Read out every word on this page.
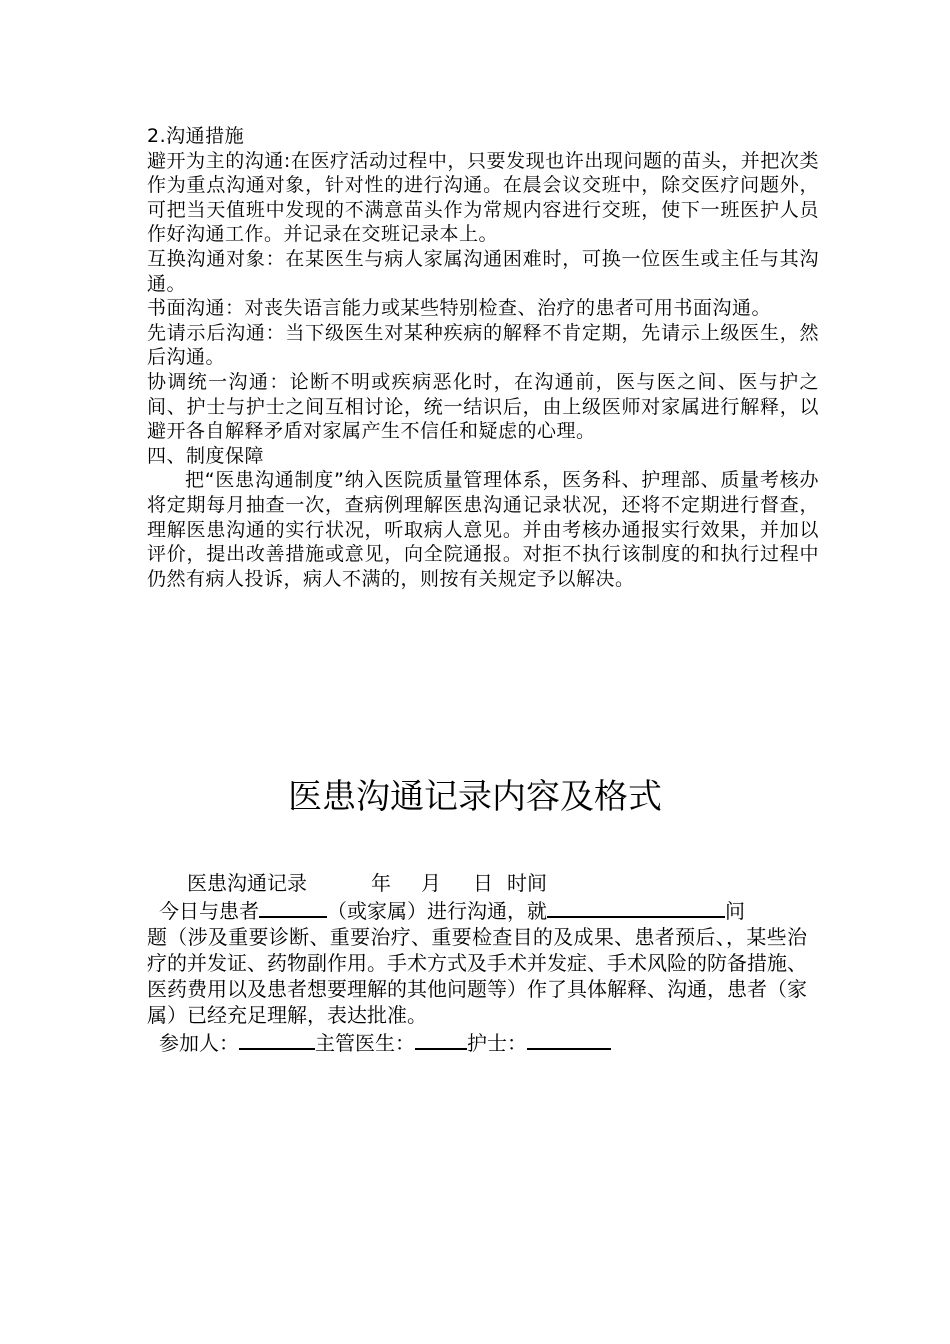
2.沟通措施

避开为主的沟通:在医疗活动过程中，只要发现也许出现问题的苗头，并把次类作为重点沟通对象，针对性的进行沟通。在晨会议交班中，除交医疗问题外，可把当天值班中发现的不满意苗头作为常规内容进行交班，使下一班医护人员作好沟通工作。并记录在交班记录本上。

互换沟通对象：在某医生与病人家属沟通困难时，可换一位医生或主任与其沟通。

书面沟通：对丧失语言能力或某些特别检查、治疗的患者可用书面沟通。

先请示后沟通：当下级医生对某种疾病的解释不肯定期，先请示上级医生，然后沟通。

协调统一沟通：论断不明或疾病恶化时，在沟通前，医与医之间、医与护之间、护士与护士之间互相讨论，统一结识后，由上级医师对家属进行解释，以避开各自解释矛盾对家属产生不信任和疑虑的心理。

四、制度保障

把“医患沟通制度”纳入医院质量管理体系，医务科、护理部、质量考核办将定期每月抽查一次，查病例理解医患沟通记录状况，还将不定期进行督查，理解医患沟通的实行状况，听取病人意见。并由考核办通报实行效果，并加以评价，提出改善措施或意见，向全院通报。对拒不执行该制度的和执行过程中仍然有病人投诉，病人不满的，则按有关规定予以解决。

医患沟通记录内容及格式

医患沟通记录	年 月 日 时间

今日与患者	（或家属）进行沟通，就	问

题（涉及重要诊断、重要治疗、重要检查目的及成果、患者预后、，某些治疗的并发证、药物副作用。手术方式及手术并发症、手术风险的防备措施、医药费用以及患者想要理解的其他问题等）作了具体解释、沟通，患者（家属）已经充足理解，表达批准。

参加人：	主管医生：	护士：
